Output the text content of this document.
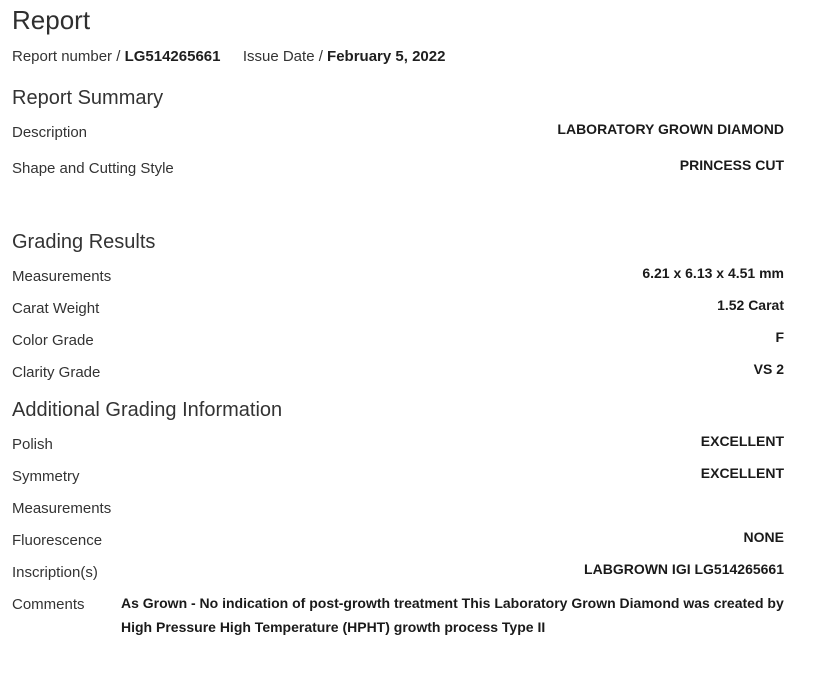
Report
Report number / LG514265661 Issue Date / February 5, 2022
Report Summary
Description	LABORATORY GROWN DIAMOND
Shape and Cutting Style	PRINCESS CUT
Grading Results
Measurements	6.21 x 6.13 x 4.51 mm
Carat Weight	1.52 Carat
Color Grade	F
Clarity Grade	VS 2
Additional Grading Information
Polish	EXCELLENT
Symmetry	EXCELLENT
Measurements
Fluorescence	NONE
Inscription(s)	LABGROWN IGI LG514265661
Comments	As Grown - No indication of post-growth treatment This Laboratory Grown Diamond was created by High Pressure High Temperature (HPHT) growth process Type II
